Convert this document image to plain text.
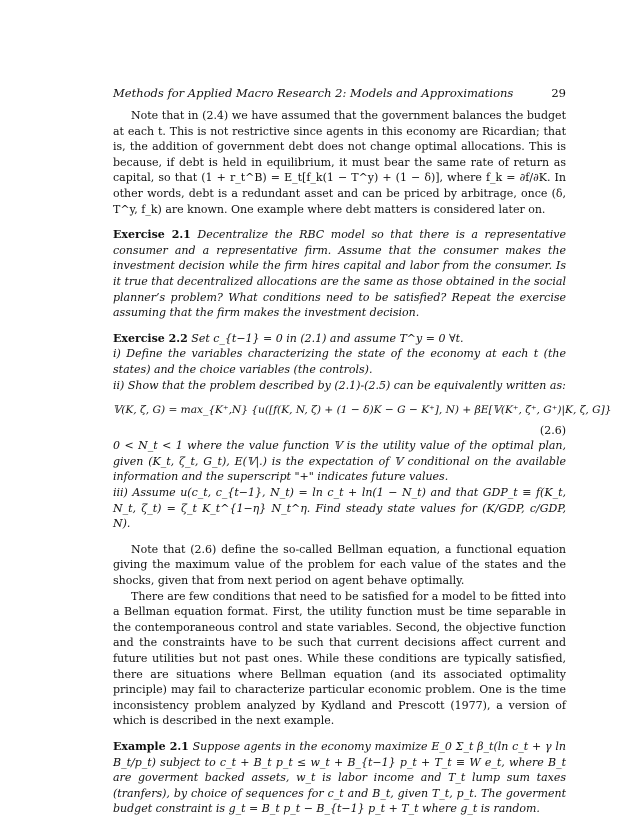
Methods for Applied Macro Research 2: Models and Approximations	29

Note that in (2.4) we have assumed that the government balances the budget at each t. This is not restrictive since agents in this economy are Ricardian; that is, the addition of government debt does not change optimal allocations. This is because, if debt is held in equilibrium, it must bear the same rate of return as capital, so that (1 + r_t^B) = E_t[f_k(1 − T^y) + (1 − δ)], where f_k = ∂f/∂K. In other words, debt is a redundant asset and can be priced by arbitrage, once (δ, T^y, f_k) are known. One example where debt matters is considered later on.

Exercise 2.1 Decentralize the RBC model so that there is a representative consumer and a representative firm. Assume that the consumer makes the investment decision while the firm hires capital and labor from the consumer. Is it true that decentralized allocations are the same as those obtained in the social planner’s problem? What conditions need to be satisfied? Repeat the exercise assuming that the firm makes the investment decision.

Exercise 2.2 Set c_{t−1} = 0 in (2.1) and assume T^y = 0 ∀t.

i) Define the variables characterizing the state of the economy at each t (the states) and the choice variables (the controls).

ii) Show that the problem described by (2.1)-(2.5) can be equivalently written as:

𝕍(K, ζ, G) = max_{K⁺,N} {u([f(K, N, ζ) + (1 − δ)K − G − K⁺], N) + βE[𝕍(K⁺, ζ⁺, G⁺)|K, ζ, G]}

(2.6)

0 < N_t < 1 where the value function 𝕍 is the utility value of the optimal plan, given (K_t, ζ_t, G_t), E(𝕍|.) is the expectation of 𝕍 conditional on the available information and the superscript "+" indicates future values.

iii) Assume u(c_t, c_{t−1}, N_t) = ln c_t + ln(1 − N_t) and that GDP_t ≡ f(K_t, N_t, ζ_t) = ζ_t K_t^{1−η} N_t^η. Find steady state values for (K/GDP, c/GDP, N).

Note that (2.6) define the so-called Bellman equation, a functional equation giving the maximum value of the problem for each value of the states and the shocks, given that from next period on agent behave optimally.

There are few conditions that need to be satisfied for a model to be fitted into a Bellman equation format. First, the utility function must be time separable in the contemporaneous control and state variables. Second, the objective function and the constraints have to be such that current decisions affect current and future utilities but not past ones. While these conditions are typically satisfied, there are situations where Bellman equation (and its associated optimality principle) may fail to characterize particular economic problem. One is the time inconsistency problem analyzed by Kydland and Prescott (1977), a version of which is described in the next example.

Example 2.1 Suppose agents in the economy maximize E_0 Σ_t β_t(ln c_t + γ ln B_t/p_t) subject to c_t + B_t p_t ≤ w_t + B_{t−1} p_t + T_t ≡ W e_t, where B_t are goverment backed assets, w_t is labor income and T_t lump sum taxes (tranfers), by choice of sequences for c_t and B_t, given T_t, p_t. The goverment budget constraint is g_t = B_t p_t − B_{t−1} p_t + T_t where g_t is random.
